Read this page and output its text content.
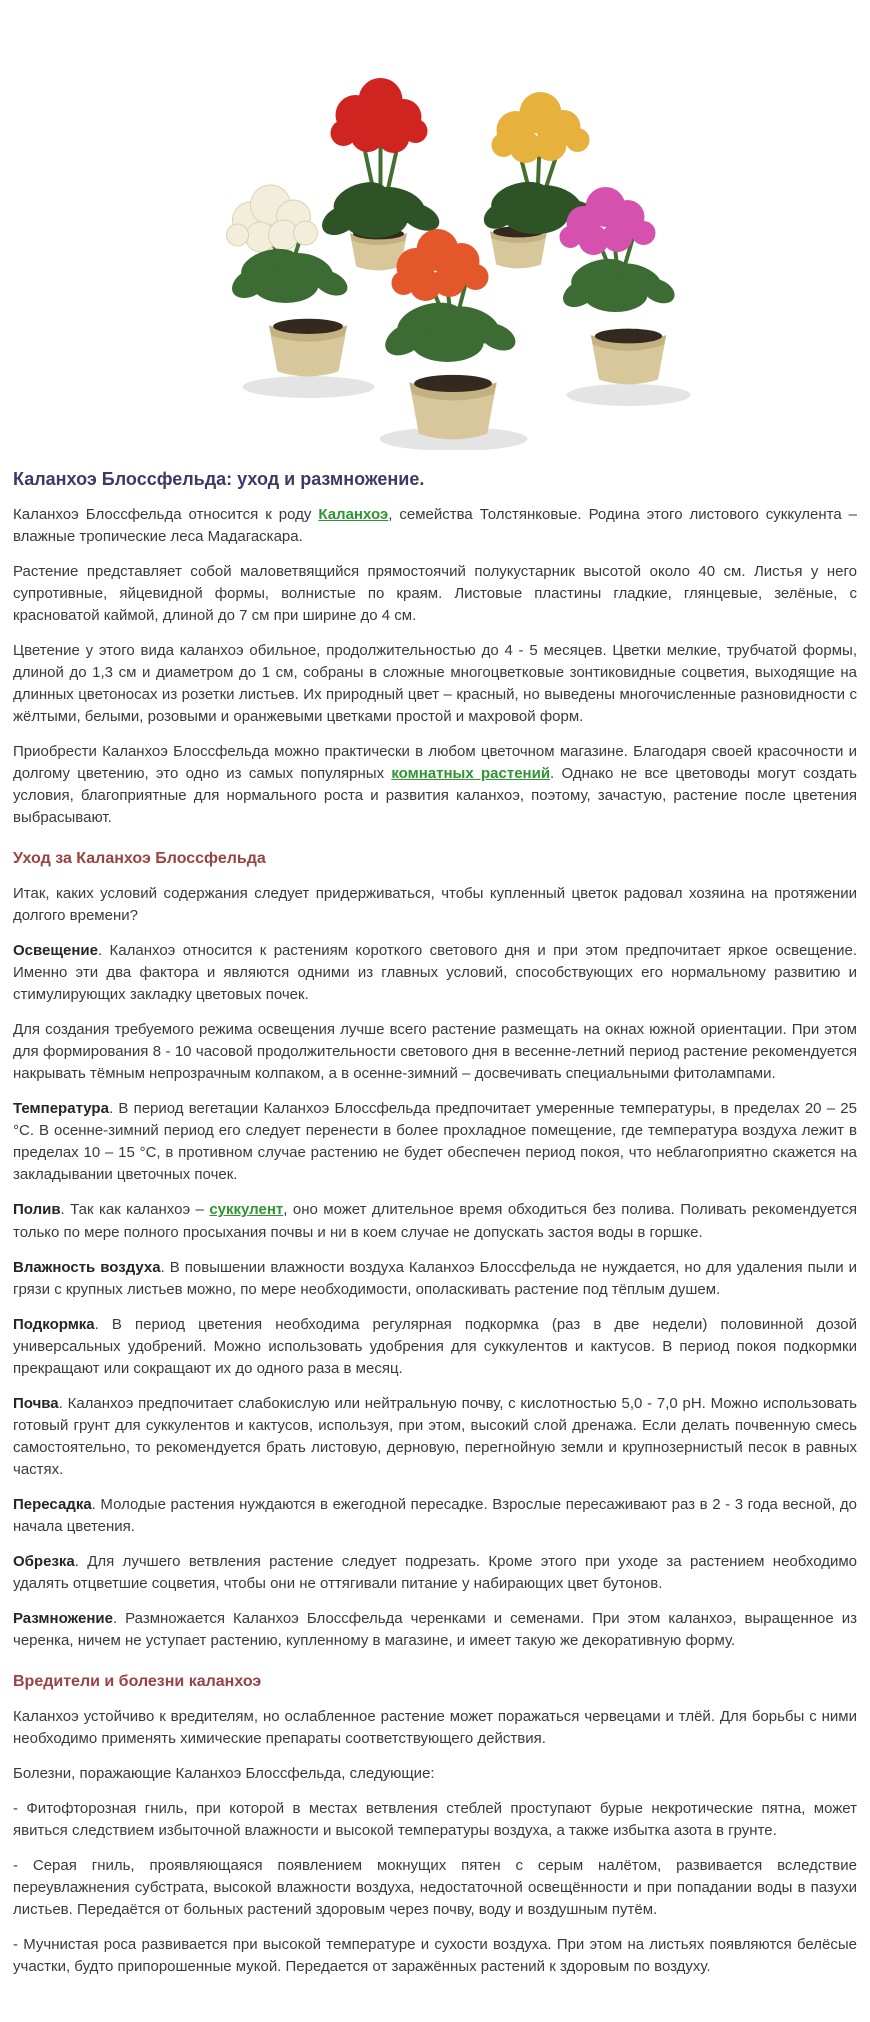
Каланхоэ Блоссфельда: уход и размножение.

Каланхоэ Блоссфельда относится к роду Каланхоэ, семейства Толстянковые. Родина этого листового суккулента – влажные тропические леса Мадагаскара.

Растение представляет собой маловетвящийся прямостоячий полукустарник высотой около 40 см. Листья у него супротивные, яйцевидной формы, волнистые по краям. Листовые пластины гладкие, глянцевые, зелёные, с красноватой каймой, длиной до 7 см при ширине до 4 см.

Цветение у этого вида каланхоэ обильное, продолжительностью до 4 - 5 месяцев. Цветки мелкие, трубчатой формы, длиной до 1,3 см и диаметром до 1 см, собраны в сложные многоцветковые зонтиковидные соцветия, выходящие на длинных цветоносах из розетки листьев. Их природный цвет – красный, но выведены многочисленные разновидности с жёлтыми, белыми, розовыми и оранжевыми цветками простой и махровой форм.

Приобрести Каланхоэ Блоссфельда можно практически в любом цветочном магазине. Благодаря своей красочности и долгому цветению, это одно из самых популярных комнатных растений. Однако не все цветоводы могут создать условия, благоприятные для нормального роста и развития каланхоэ, поэтому, зачастую, растение после цветения выбрасывают.

Уход за Каланхоэ Блоссфельда

Итак, каких условий содержания следует придерживаться, чтобы купленный цветок радовал хозяина на протяжении долгого времени?

Освещение. Каланхоэ относится к растениям короткого светового дня и при этом предпочитает яркое освещение. Именно эти два фактора и являются одними из главных условий, способствующих его нормальному развитию и стимулирующих закладку цветовых почек.

Для создания требуемого режима освещения лучше всего растение размещать на окнах южной ориентации. При этом для формирования 8 - 10 часовой продолжительности светового дня в весенне-летний период растение рекомендуется накрывать тёмным непрозрачным колпаком, а в осенне-зимний – досвечивать специальными фитолампами.

Температура. В период вегетации Каланхоэ Блоссфельда предпочитает умеренные температуры, в пределах 20 – 25 °С. В осенне-зимний период его следует перенести в более прохладное помещение, где температура воздуха лежит в пределах 10 – 15 °С, в противном случае растению не будет обеспечен период покоя, что неблагоприятно скажется на закладывании цветочных почек.

Полив. Так как каланхоэ – суккулент, оно может длительное время обходиться без полива. Поливать рекомендуется только по мере полного просыхания почвы и ни в коем случае не допускать застоя воды в горшке.

Влажность воздуха. В повышении влажности воздуха Каланхоэ Блоссфельда не нуждается, но для удаления пыли и грязи с крупных листьев можно, по мере необходимости, ополаскивать растение под тёплым душем.

Подкормка. В период цветения необходима регулярная подкормка (раз в две недели) половинной дозой универсальных удобрений. Можно использовать удобрения для суккулентов и кактусов. В период покоя подкормки прекращают или сокращают их до одного раза в месяц.

Почва. Каланхоэ предпочитает слабокислую или нейтральную почву, с кислотностью 5,0 - 7,0 pH. Можно использовать готовый грунт для суккулентов и кактусов, используя, при этом, высокий слой дренажа. Если делать почвенную смесь самостоятельно, то рекомендуется брать листовую, дерновую, перегнойную земли и крупнозернистый песок в равных частях.

Пересадка. Молодые растения нуждаются в ежегодной пересадке. Взрослые пересаживают раз в 2 - 3 года весной, до начала цветения.

Обрезка. Для лучшего ветвления растение следует подрезать. Кроме этого при уходе за растением необходимо удалять отцветшие соцветия, чтобы они не оттягивали питание у набирающих цвет бутонов.

Размножение. Размножается Каланхоэ Блоссфельда черенками и семенами. При этом каланхоэ, выращенное из черенка, ничем не уступает растению, купленному в магазине, и имеет такую же декоративную форму.

Вредители и болезни каланхоэ

Каланхоэ устойчиво к вредителям, но ослабленное растение может поражаться червецами и тлёй. Для борьбы с ними необходимо применять химические препараты соответствующего действия.

Болезни, поражающие Каланхоэ Блоссфельда, следующие:

- Фитофторозная гниль, при которой в местах ветвления стеблей проступают бурые некротические пятна, может явиться следствием избыточной влажности и высокой температуры воздуха, а также избытка азота в грунте.

- Серая гниль, проявляющаяся появлением мокнущих пятен с серым налётом, развивается вследствие переувлажнения субстрата, высокой влажности воздуха, недостаточной освещённости и при попадании воды в пазухи листьев. Передаётся от больных растений здоровым через почву, воду и воздушным путём.

- Мучнистая роса развивается при высокой температуре и сухости воздуха. При этом на листьях появляются белёсые участки, будто припорошенные мукой. Передается от заражённых растений к здоровым по воздуху.
